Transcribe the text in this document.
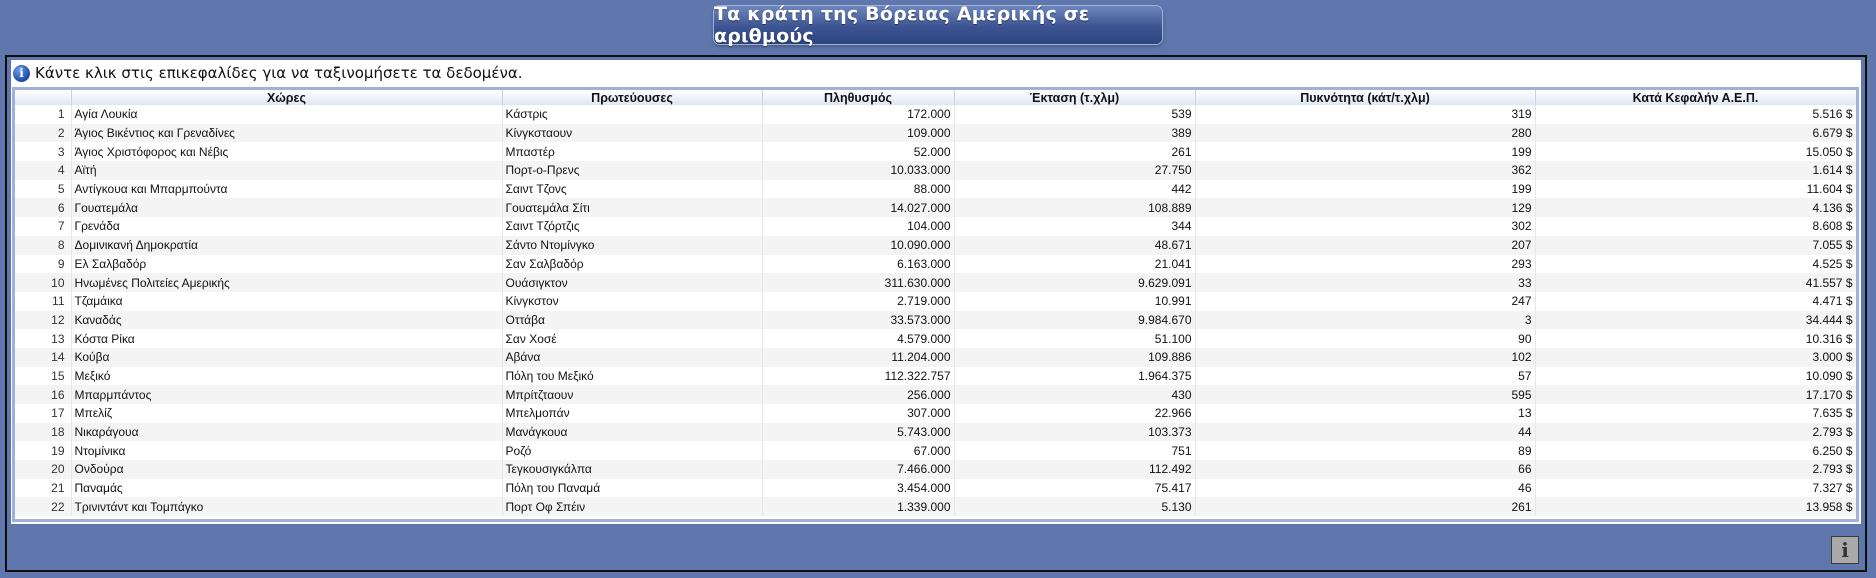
Τα κράτη της Βόρειας Αμερικής σε αριθμούς
i Κάντε κλικ στις επικεφαλίδες για να ταξινομήσετε τα δεδομένα.
	Χώρες	Πρωτεύουσες	Πληθυσμός	Έκταση (τ.χλμ)	Πυκνότητα (κάτ/τ.χλμ)	Κατά Κεφαλήν Α.Ε.Π.
1	Αγία Λουκία	Κάστρις	172.000	539	319	5.516 $
2	Άγιος Βικέντιος και Γρεναδίνες	Κίνγκσταουν	109.000	389	280	6.679 $
3	Άγιος Χριστόφορος και Νέβις	Μπαστέρ	52.000	261	199	15.050 $
4	Αϊτή	Πορτ-ο-Πρενς	10.033.000	27.750	362	1.614 $
5	Αντίγκουα και Μπαρμπούντα	Σαιντ Τζονς	88.000	442	199	11.604 $
6	Γουατεμάλα	Γουατεμάλα Σίτι	14.027.000	108.889	129	4.136 $
7	Γρενάδα	Σαιντ Τζόρτζις	104.000	344	302	8.608 $
8	Δομινικανή Δημοκρατία	Σάντο Ντομίνγκο	10.090.000	48.671	207	7.055 $
9	Ελ Σαλβαδόρ	Σαν Σαλβαδόρ	6.163.000	21.041	293	4.525 $
10	Ηνωμένες Πολιτείες Αμερικής	Ουάσιγκτον	311.630.000	9.629.091	33	41.557 $
11	Τζαμάικα	Κίνγκστον	2.719.000	10.991	247	4.471 $
12	Καναδάς	Οττάβα	33.573.000	9.984.670	3	34.444 $
13	Κόστα Ρίκα	Σαν Χοσέ	4.579.000	51.100	90	10.316 $
14	Κούβα	Αβάνα	11.204.000	109.886	102	3.000 $
15	Μεξικό	Πόλη του Μεξικό	112.322.757	1.964.375	57	10.090 $
16	Μπαρμπάντος	Μπρίτζταουν	256.000	430	595	17.170 $
17	Μπελίζ	Μπελμοπάν	307.000	22.966	13	7.635 $
18	Νικαράγουα	Μανάγκουα	5.743.000	103.373	44	2.793 $
19	Ντομίνικα	Ροζό	67.000	751	89	6.250 $
20	Ονδούρα	Τεγκουσιγκάλπα	7.466.000	112.492	66	2.793 $
21	Παναμάς	Πόλη του Παναμά	3.454.000	75.417	46	7.327 $
22	Τρινιντάντ και Τομπάγκο	Πορτ Οφ Σπέιν	1.339.000	5.130	261	13.958 $
i
